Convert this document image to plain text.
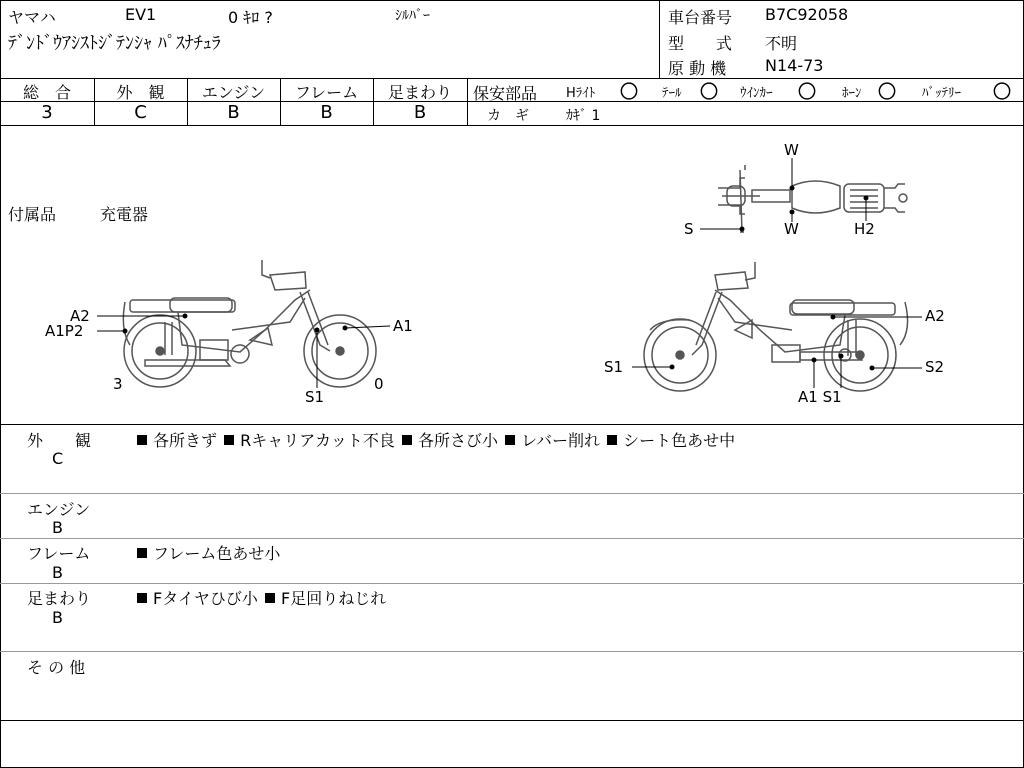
ヤマハ	EV1	0 ｷﾛ ?	ｼﾙﾊﾞｰ
ﾃﾞﾝﾄﾞｳｱｼｽﾄｼﾞﾃﾝｼｬ ﾊﾟｽﾅﾁｭﾗ
車台番号 B7C92058
型　　式 不明
原 動 機 N14-73
総　合	外　観	エンジン	フレーム	足まわり
3	C	B	B	B
保安部品 Hﾗｲﾄ 〇 ﾃｰﾙ 〇 ｳｲﾝｶｰ 〇 ﾎｰﾝ 〇 ﾊﾞｯﾃﾘｰ 〇
カ　ギ	ｶｷﾞ 1
付属品	充電器
A2
A1P2	A1
S1
3	0
A2
S1	S2
A1 S1
W
W
S	H2
外　　観
C
各所きず Rキャリアカット不良 各所さび小 レバー削れ シート色あせ中
エンジン
B
フレーム
B
フレーム色あせ小
足まわり
B
Fタイヤひび小 F足回りねじれ
そ の 他
